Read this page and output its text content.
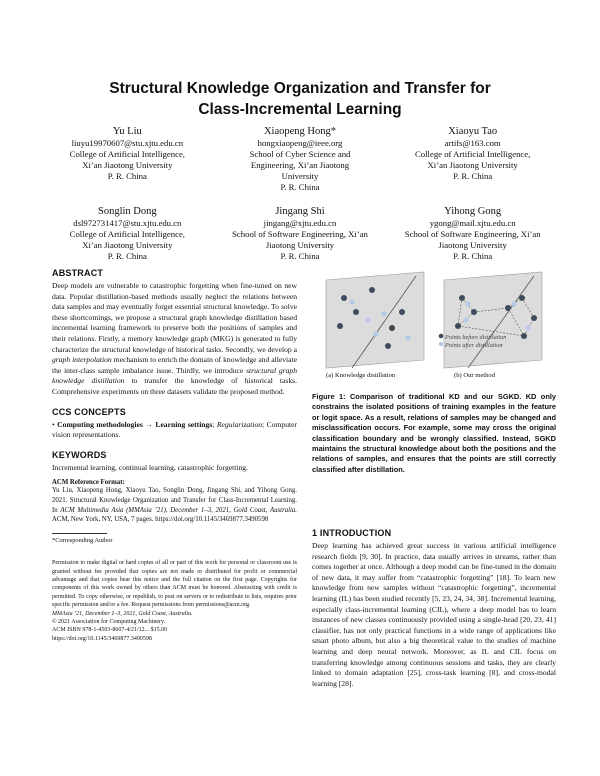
Structural Knowledge Organization and Transfer for
Class-Incremental Learning
Yu Liu
liuyu1997060​7@stu.xjtu.edu.cn
College of Artificial Intelligence,
Xi’an Jiaotong University
P. R. China
Xiaopeng Hong*
hongxiaopeng@ieee.org
School of Cyber Science and
Engineering, Xi’an Jiaotong
University
P. R. China
Xiaoyu Tao
artifs@163.com
College of Artificial Intelligence,
Xi’an Jiaotong University
P. R. China
Songlin Dong
dsl972731417@stu.xjtu.edu.cn
College of Artificial Intelligence,
Xi’an Jiaotong University
P. R. China
Jingang Shi
jingang@xjtu.edu.cn
School of Software Engineering, Xi’an
Jiaotong University
P. R. China
Yihong Gong
ygong@mail.xjtu.edu.cn
School of Software Engineering, Xi’an
Jiaotong University
P. R. China
ABSTRACT

Deep models are vulnerable to catastrophic forgetting when fine-tuned on new data. Popular distillation-based methods usually neglect the relations between data samples and may eventually forget essential structural knowledge. To solve these shortcomings, we propose a structural graph knowledge distillation based incremental learning framework to preserve both the positions of samples and their relations. Firstly, a memory knowledge graph (MKG) is generated to fully characterize the structural knowledge of historical tasks. Secondly, we develop a graph interpolation mechanism to enrich the domain of knowledge and alleviate the inter-class sample imbalance issue. Thirdly, we introduce structural graph knowledge distillation to transfer the knowledge of historical tasks. Comprehensive experiments on three datasets validate the proposed method.

CCS CONCEPTS

• Computing methodologies → Learning settings; Regularization; Computer vision representations.

KEYWORDS

Incremental learning, continual learning, catastrophic forgetting.

ACM Reference Format:
Yu Liu, Xiaopeng Hong, Xiaoyu Tao, Songlin Dong, Jingang Shi, and Yihong Gong. 2021. Structural Knowledge Organization and Transfer for Class-Incremental Learning. In ACM Multimedia Asia (MMAsia ’21), December 1–3, 2021, Gold Coast, Australia. ACM, New York, NY, USA, 7 pages. https://doi.org/10.1145/3469877.3490598
*Corresponding Author
Permission to make digital or hard copies of all or part of this work for personal or classroom use is granted without fee provided that copies are not made or distributed for profit or commercial advantage and that copies bear this notice and the full citation on the first page. Copyrights for components of this work owned by others than ACM must be honored. Abstracting with credit is permitted. To copy otherwise, or republish, to post on servers or to redistribute to lists, requires prior specific permission and/or a fee. Request permissions from permissions@acm.org.
MMAsia ’21, December 1–3, 2021, Gold Coast, Australia.
© 2021 Association for Computing Machinery.
ACM ISBN 978-1-4503-8607-4/21/12... $15.00
https://doi.org/10.1145/3469877.3490598
Points before distillation
Points after distillation
(a) Knowledge distillation	(b) Our method
Figure 1: Comparison of traditional KD and our SGKD. KD only constrains the isolated positions of training examples in the feature or logit space. As a result, relations of samples may be changed and misclassification occurs. For example, some may cross the original classification boundary and be wrongly classified. Instead, SGKD maintains the structural knowledge about both the positions and the relations of samples, and ensures that the points are still correctly classified after distillation.
1 INTRODUCTION

Deep learning has achieved great success in various artificial intelligence research fields [9, 30]. In practice, data usually arrives in streams, rather than comes together at once. Although a deep model can be fine-tuned in the domain of new data, it may suffer from “catastrophic forgetting” [18]. To learn new knowledge from new samples without “catastrophic forgetting”, incremental learning (IL) has been studied recently [5, 23, 24, 34, 38]. Incremental learning, especially class-incremental learning (CIL), where a deep model has to learn instances of new classes continuously provided using a single-head [20, 23, 41] classifier, has not only practical functions in a wide range of applications like smart photo album, but also a big theoretical value to the studies of machine learning and deep neural network. Moreover, as IL and CIL focus on transferring knowledge among continuous sessions and tasks, they are clearly linked to domain adaptation [25], cross-task learning [8], and cross-modal learning [28].
